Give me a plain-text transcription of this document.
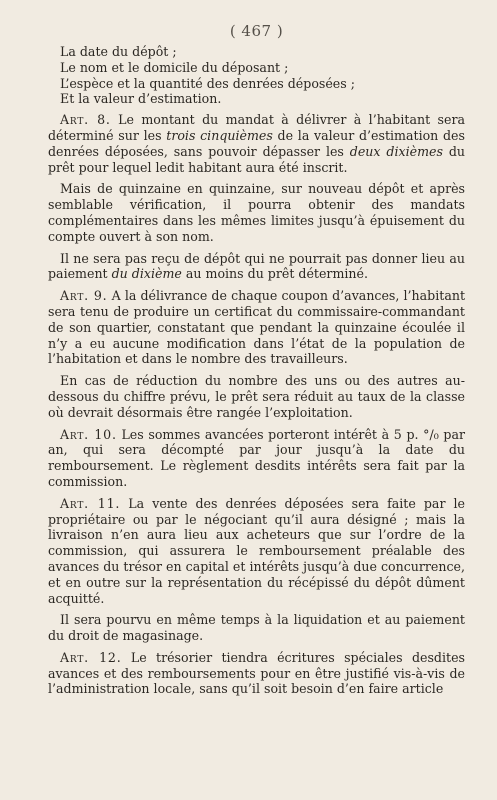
( 467 )

La date du dépôt ;

Le nom et le domicile du déposant ;

L’espèce et la quantité des denrées déposées ;

Et la valeur d’estimation.

Art. 8. Le montant du mandat à délivrer à l’habitant sera déterminé sur les trois cinquièmes de la valeur d’estimation des denrées déposées, sans pouvoir dépasser les deux dixièmes du prêt pour lequel ledit habitant aura été inscrit.

Mais de quinzaine en quinzaine, sur nouveau dépôt et après semblable vérification, il pourra obtenir des mandats complémentaires dans les mêmes limites jusqu’à épuisement du compte ouvert à son nom.

Il ne sera pas reçu de dépôt qui ne pourrait pas donner lieu au paiement du dixième au moins du prêt déterminé.

Art. 9. A la délivrance de chaque coupon d’avances, l’habitant sera tenu de produire un certificat du commissaire-commandant de son quartier, constatant que pendant la quinzaine écoulée il n’y a eu aucune modification dans l’état de la population de l’habitation et dans le nombre des travailleurs.

En cas de réduction du nombre des uns ou des autres au-dessous du chiffre prévu, le prêt sera réduit au taux de la classe où devrait désormais être rangée l’exploitation.

Art. 10. Les sommes avancées porteront intérêt à 5 p. °/₀ par an, qui sera décompté par jour jusqu’à la date du remboursement. Le règlement desdits intérêts sera fait par la commission.

Art. 11. La vente des denrées déposées sera faite par le propriétaire ou par le négociant qu’il aura désigné ; mais la livraison n’en aura lieu aux acheteurs que sur l’ordre de la commission, qui assurera le remboursement préalable des avances du trésor en capital et intérêts jusqu’à due concurrence, et en outre sur la représentation du récépissé du dépôt dûment acquitté.

Il sera pourvu en même temps à la liquidation et au paiement du droit de magasinage.

Art. 12. Le trésorier tiendra écritures spéciales desdites avances et des remboursements pour en être justifié vis-à-vis de l’administration locale, sans qu’il soit besoin d’en faire article
